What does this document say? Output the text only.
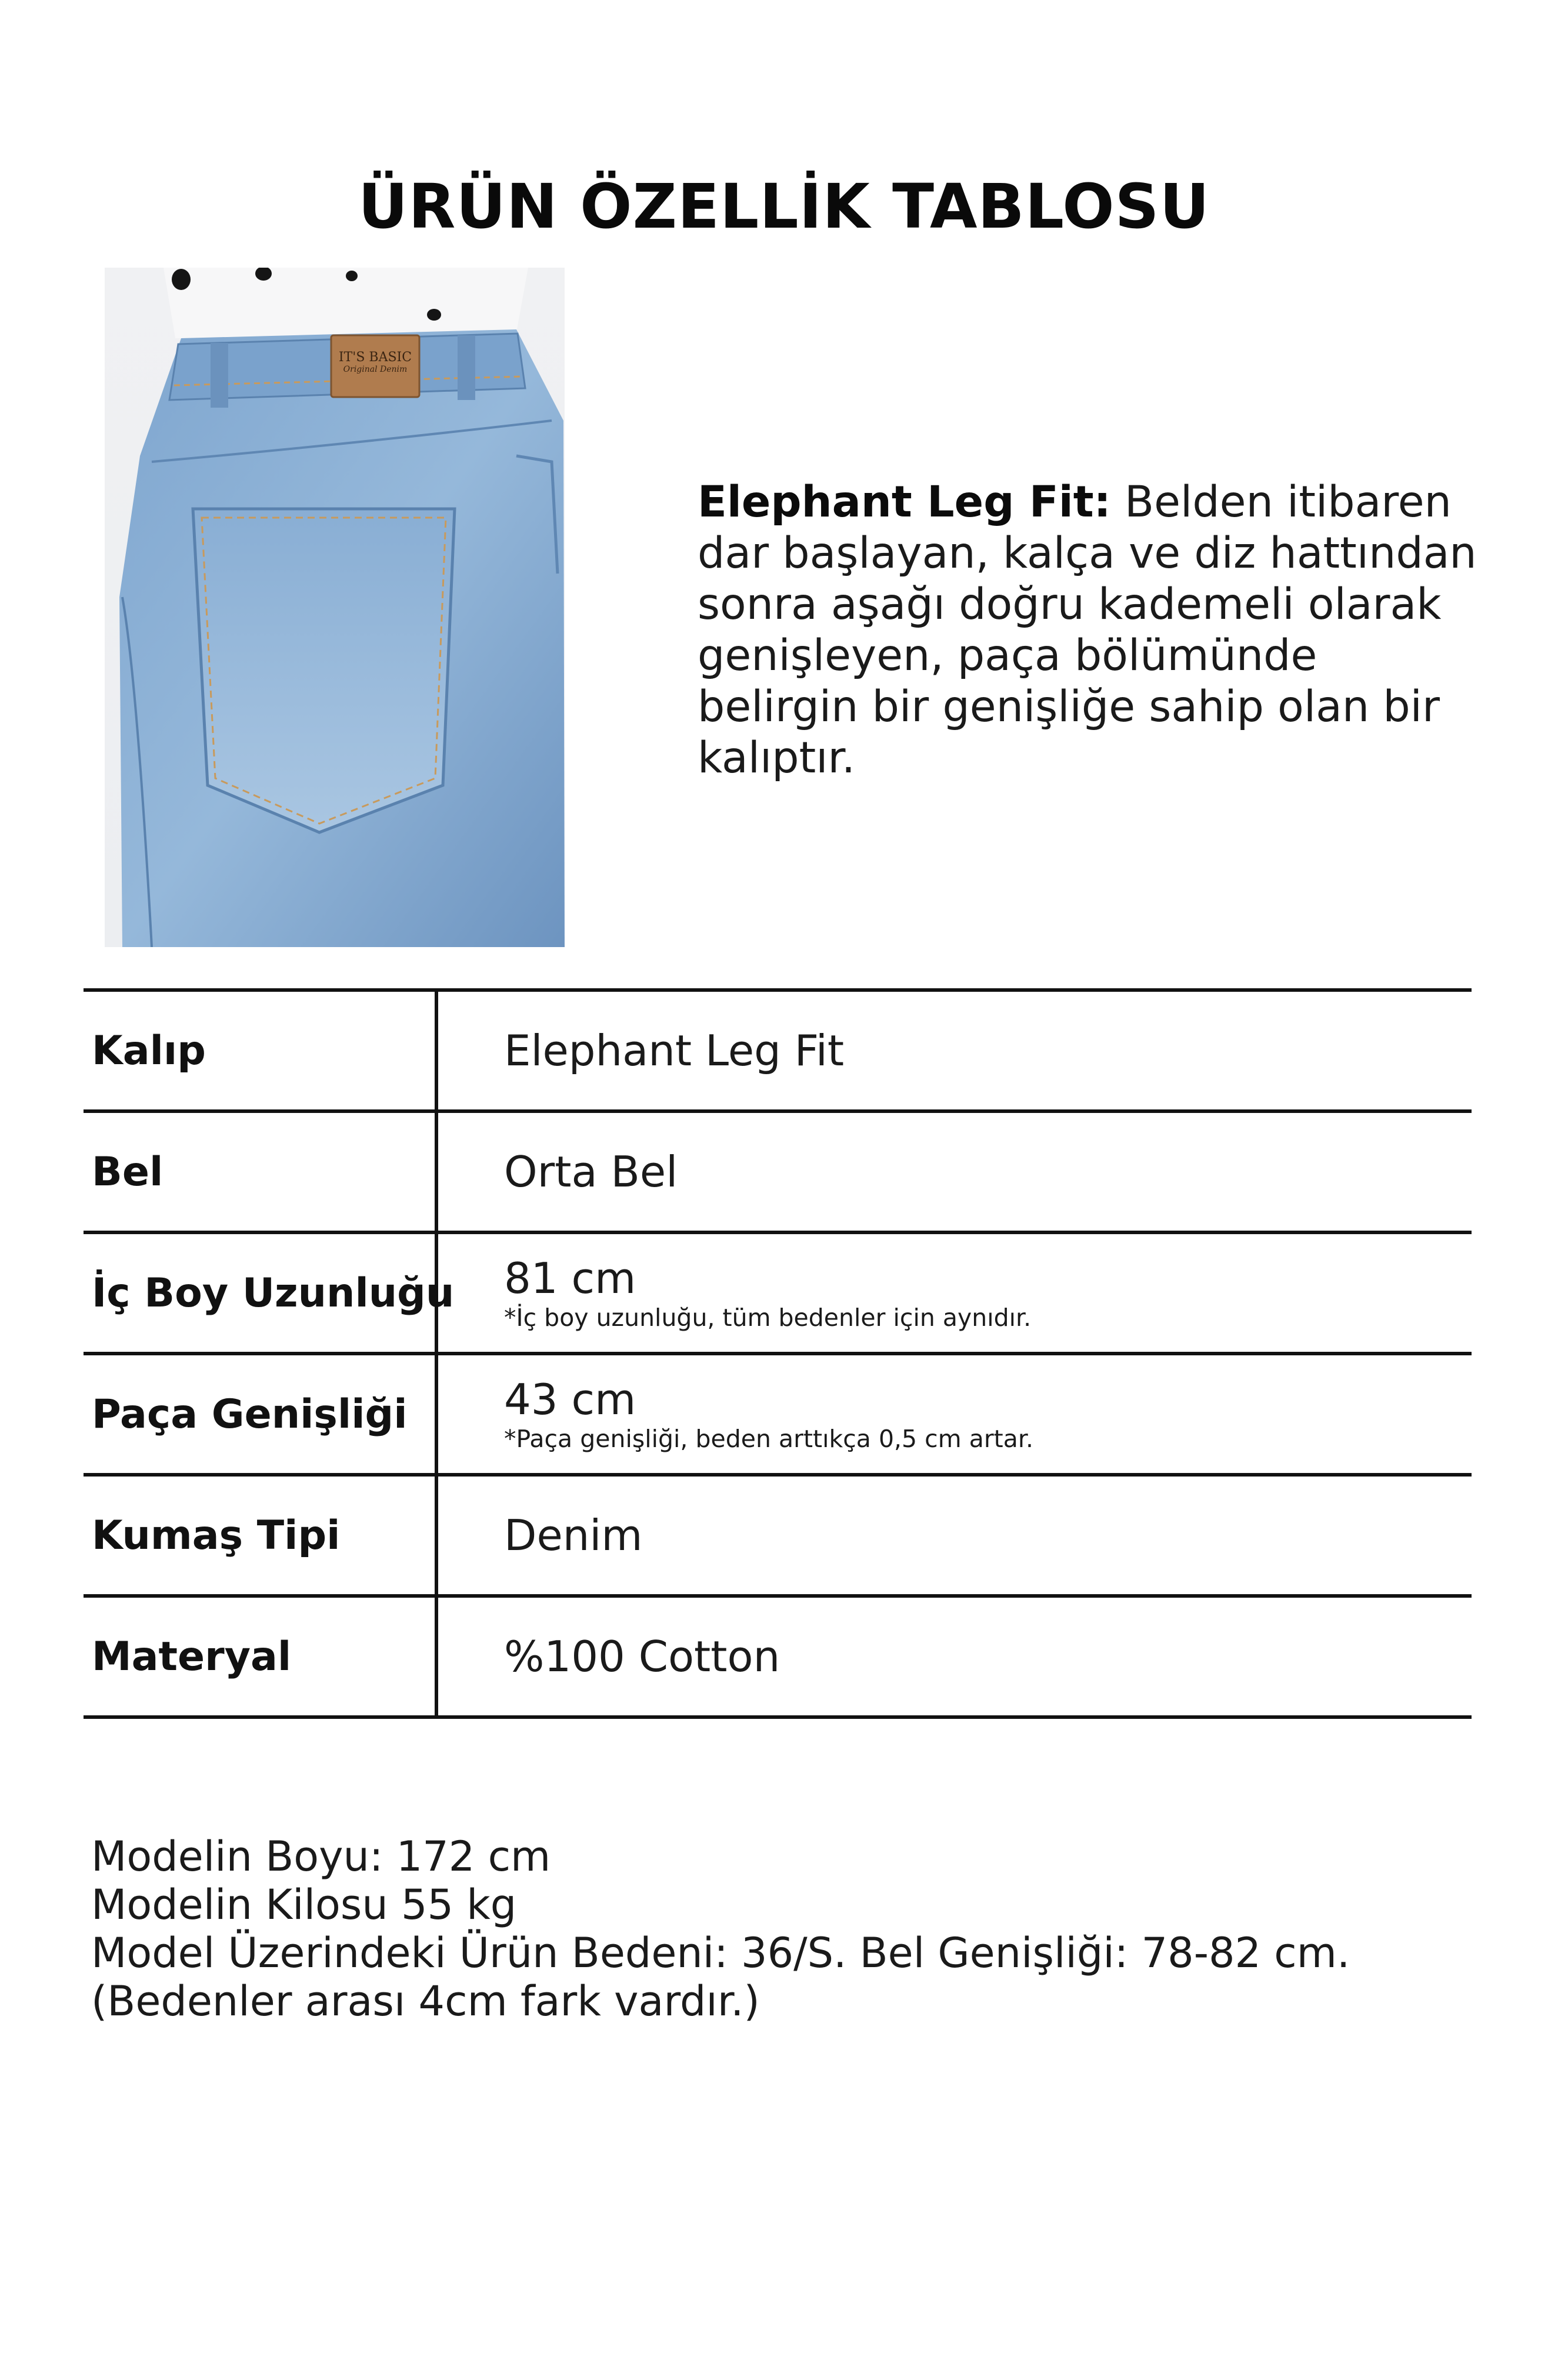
ÜRÜN ÖZELLİK TABLOSU
IT'S BASIC
Original Denim
Elephant Leg Fit: Belden itibaren dar başlayan, kalça ve diz hattından sonra aşağı doğru kademeli olarak genişleyen, paça bölümünde belirgin bir genişliğe sahip olan bir kalıptır.
Kalıp	Elephant Leg Fit
Bel	Orta Bel
İç Boy Uzunluğu 81 cm
*İç boy uzunluğu, tüm bedenler için aynıdır.
Paça Genişliği 43 cm
*Paça genişliği, beden arttıkça 0,5 cm artar.
Kumaş Tipi	Denim
Materyal	%100 Cotton
Modelin Boyu: 172 cm
Modelin Kilosu 55 kg
Model Üzerindeki Ürün Bedeni: 36/S. Bel Genişliği: 78-82 cm. (Bedenler arası 4cm fark vardır.)
